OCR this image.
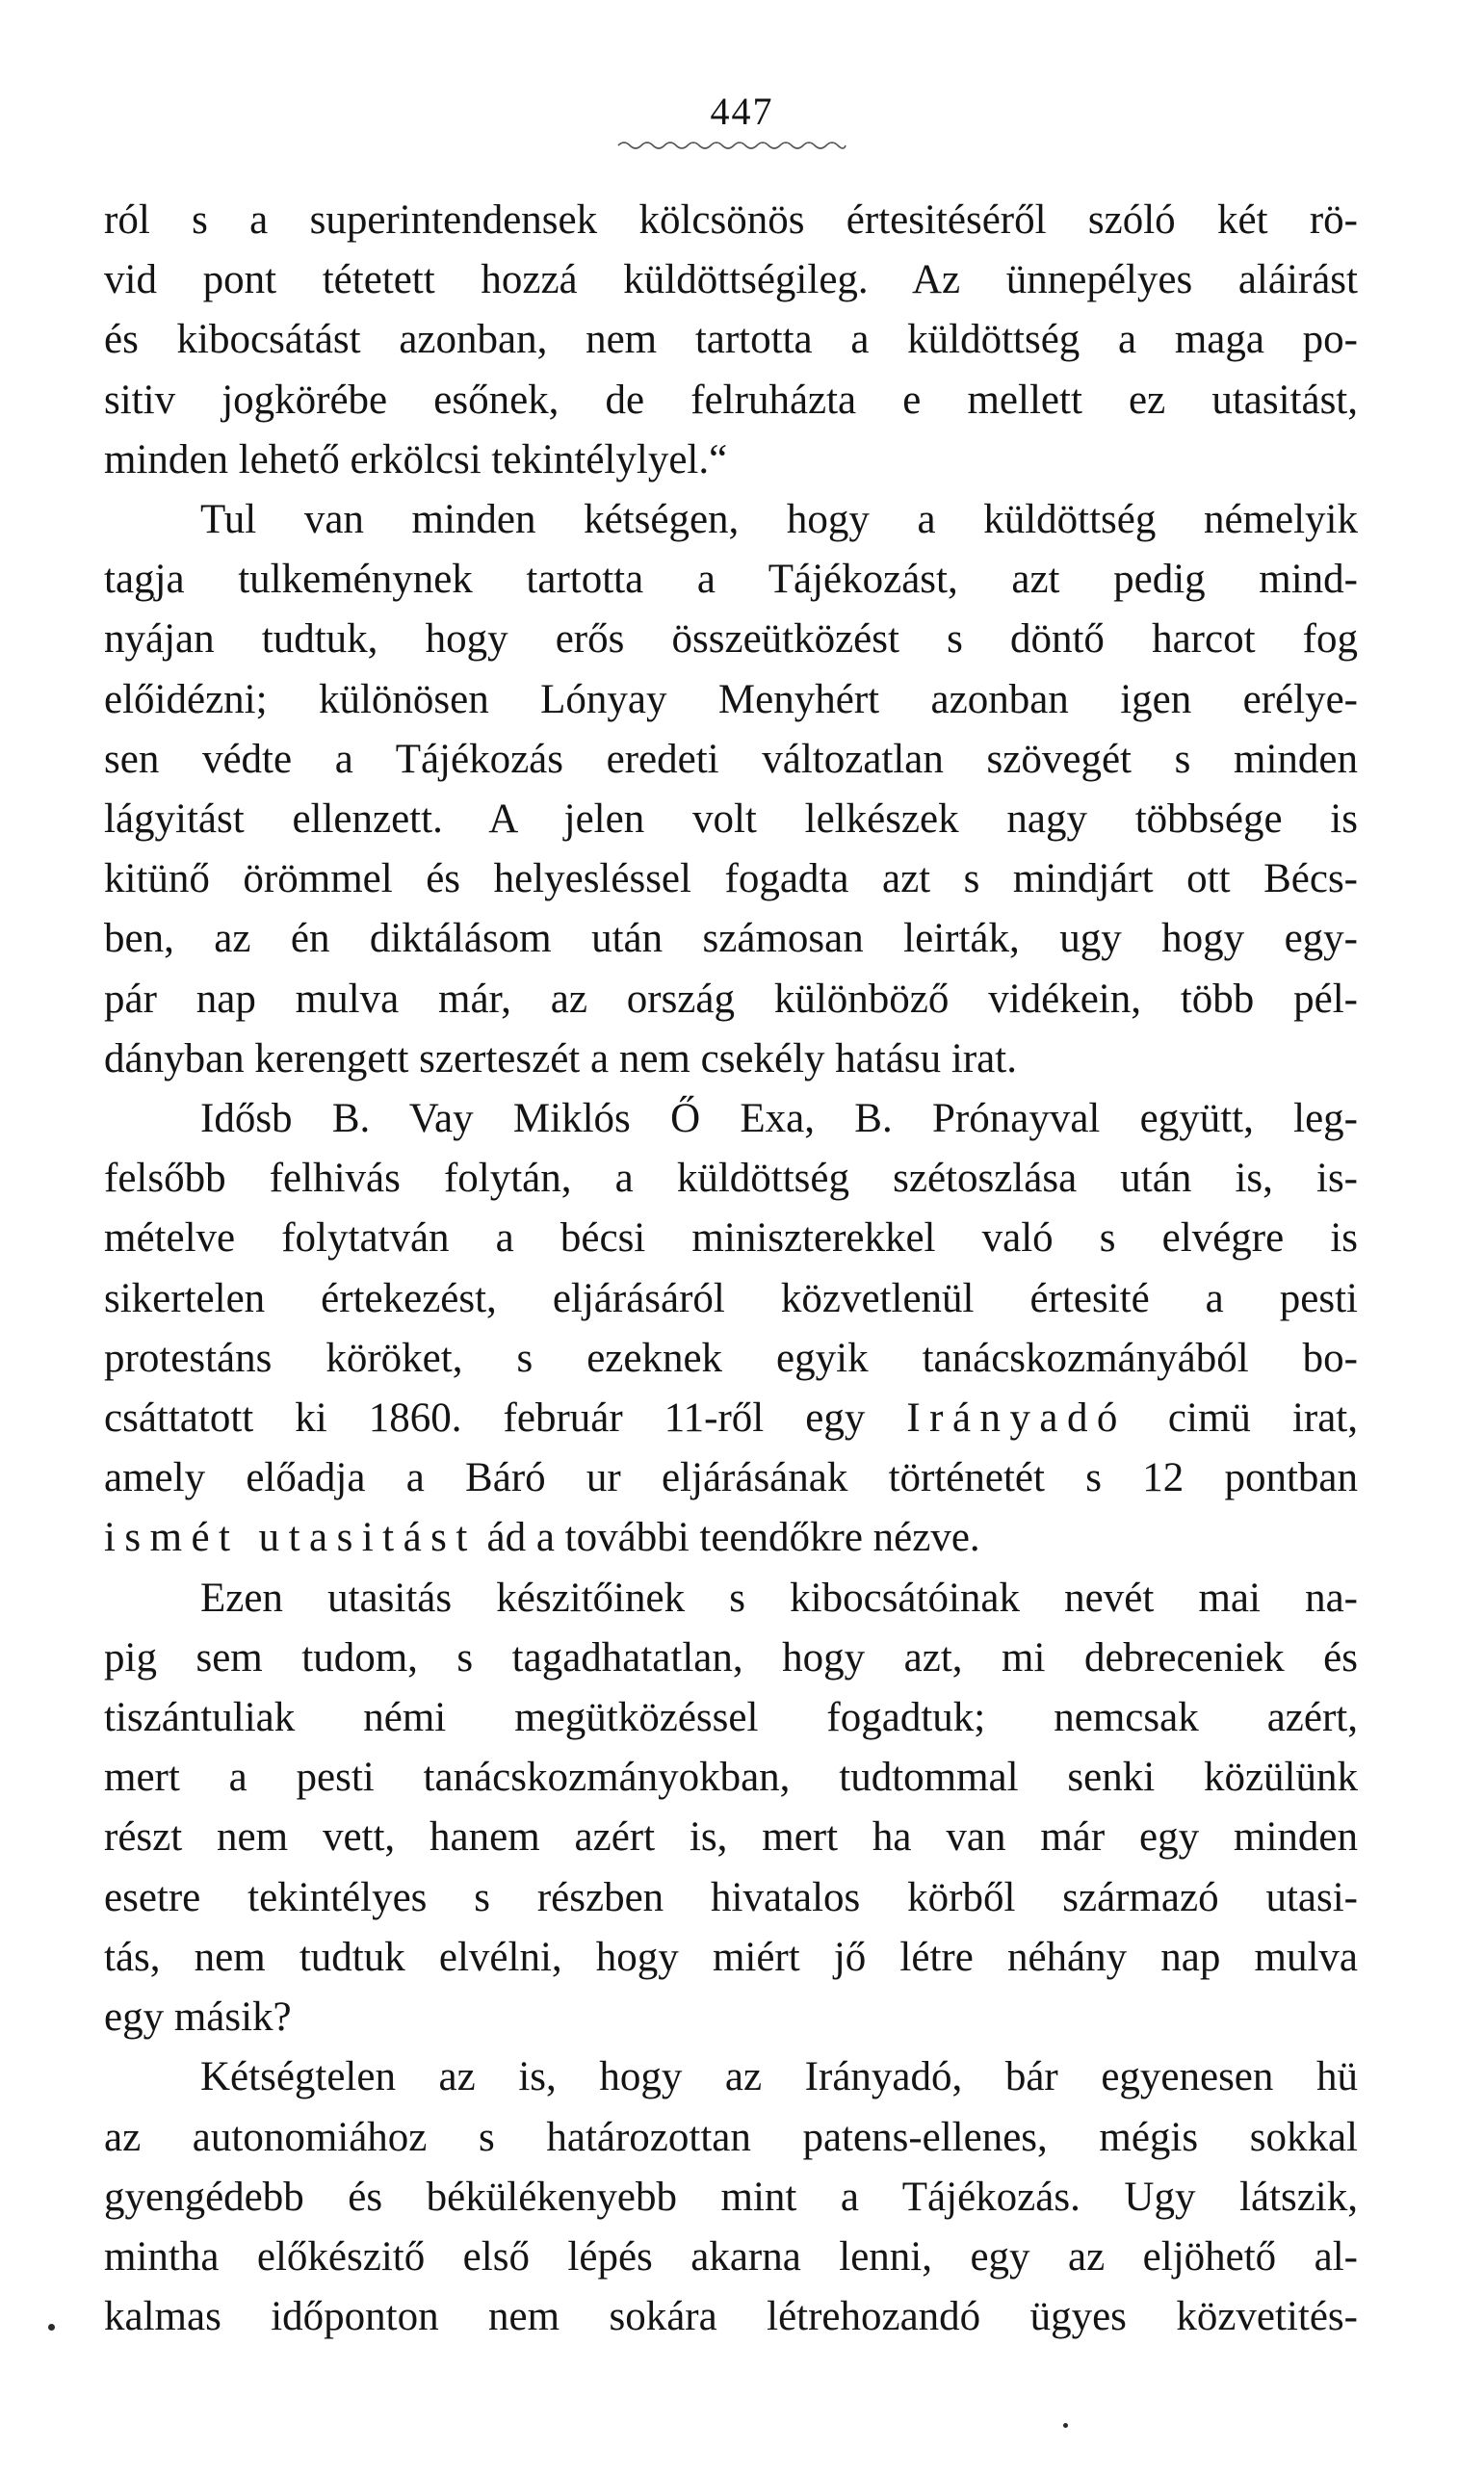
447
ról s a superintendensek kölcsönös értesitéséről szóló két rö-
vid pont tétetett hozzá küldöttségileg. Az ünnepélyes aláirást
és kibocsátást azonban, nem tartotta a küldöttség a maga po-
sitiv jogkörébe esőnek, de felruházta e mellett ez utasitást,
minden lehető erkölcsi tekintélylyel.“
Tul van minden kétségen, hogy a küldöttség némelyik
tagja tulkeménynek tartotta a Tájékozást, azt pedig mind-
nyájan tudtuk, hogy erős összeütközést s döntő harcot fog
előidézni; különösen Lónyay Menyhért azonban igen erélye-
sen védte a Tájékozás eredeti változatlan szövegét s minden
lágyitást ellenzett. A jelen volt lelkészek nagy többsége is
kitünő örömmel és helyesléssel fogadta azt s mindjárt ott Bécs-
ben, az én diktálásom után számosan leirták, ugy hogy egy-
pár nap mulva már, az ország különböző vidékein, több pél-
dányban kerengett szerteszét a nem csekély hatásu irat.
Idősb B. Vay Miklós Ő Exa, B. Prónayval együtt, leg-
felsőbb felhivás folytán, a küldöttség szétoszlása után is, is-
mételve folytatván a bécsi miniszterekkel való s elvégre is
sikertelen értekezést, eljárásáról közvetlenül értesité a pesti
protestáns köröket, s ezeknek egyik tanácskozmányából bo-
csáttatott ki 1860. február 11-ről egy Irányadó cimü irat,
amely előadja a Báró ur eljárásának történetét s 12 pontban
ismét utasitást ád a további teendőkre nézve.
Ezen utasitás készitőinek s kibocsátóinak nevét mai na-
pig sem tudom, s tagadhatatlan, hogy azt, mi debreceniek és
tiszántuliak némi megütközéssel fogadtuk; nemcsak azért,
mert a pesti tanácskozmányokban, tudtommal senki közülünk
részt nem vett, hanem azért is, mert ha van már egy minden
esetre tekintélyes s részben hivatalos körből származó utasi-
tás, nem tudtuk elvélni, hogy miért jő létre néhány nap mulva
egy másik?
Kétségtelen az is, hogy az Irányadó, bár egyenesen hü
az autonomiához s határozottan patens-ellenes, mégis sokkal
gyengédebb és békülékenyebb mint a Tájékozás. Ugy látszik,
mintha előkészitő első lépés akarna lenni, egy az eljöhető al-
kalmas időponton nem sokára létrehozandó ügyes közvetités-
